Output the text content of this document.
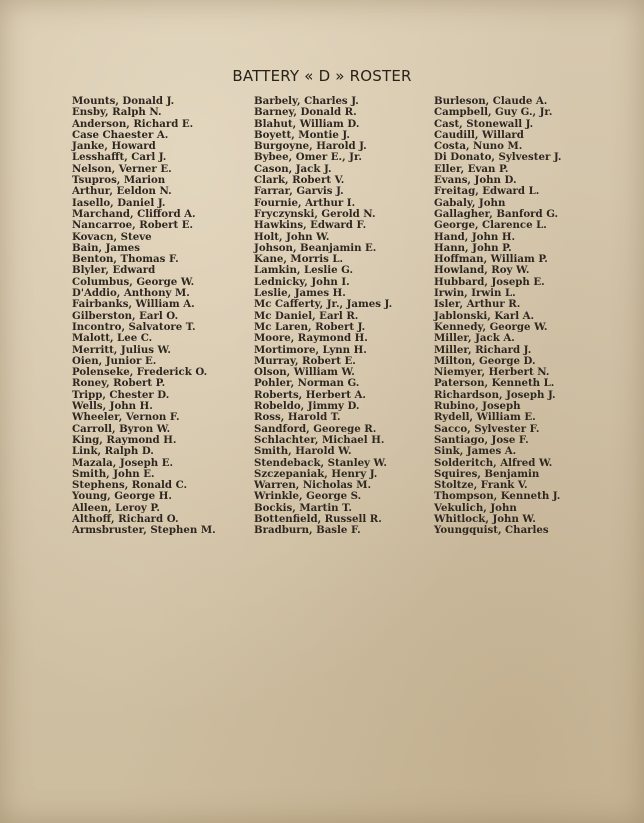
BATTERY « D » ROSTER
Mounts, Donald J.
Ensby, Ralph N.
Anderson, Richard E.
Case Chaester A.
Janke, Howard
Lesshafft, Carl J.
Nelson, Verner E.
Tsupros, Marion
Arthur, Eeldon N.
Iasello, Daniel J.
Marchand, Clifford A.
Nancarroe, Robert E.
Kovacn, Steve
Bain, James
Benton, Thomas F.
Blyler, Edward
Columbus, George W.
D'Addio, Anthony M.
Fairbanks, William A.
Gilberston, Earl O.
Incontro, Salvatore T.
Malott, Lee C.
Merritt, Julius W.
Oien, Junior E.
Polenseke, Frederick O.
Roney, Robert P.
Tripp, Chester D.
Wells, John H.
Wheeler, Vernon F.
Carroll, Byron W.
King, Raymond H.
Link, Ralph D.
Mazala, Joseph E.
Smith, John E.
Stephens, Ronald C.
Young, George H.
Alleen, Leroy P.
Althoff, Richard O.
Armsbruster, Stephen M.
Barbely, Charles J.
Barney, Donald R.
Blahut, William D.
Boyett, Montie J.
Burgoyne, Harold J.
Bybee, Omer E., Jr.
Cason, Jack J.
Clark, Robert V.
Farrar, Garvis J.
Fournie, Arthur I.
Fryczynski, Gerold N.
Hawkins, Edward F.
Holt, John W.
Johson, Beanjamin E.
Kane, Morris L.
Lamkin, Leslie G.
Lednicky, John I.
Leslie, James H.
Mc Cafferty, Jr., James J.
Mc Daniel, Earl R.
Mc Laren, Robert J.
Moore, Raymond H.
Mortimore, Lynn H.
Murray, Robert E.
Olson, William W.
Pohler, Norman G.
Roberts, Herbert A.
Robeldo, Jimmy D.
Ross, Harold T.
Sandford, Georege R.
Schlachter, Michael H.
Smith, Harold W.
Stendeback, Stanley W.
Szczepaniak, Henry J.
Warren, Nicholas M.
Wrinkle, George S.
Bockis, Martin T.
Bottenfield, Russell R.
Bradburn, Basle F.
Burleson, Claude A.
Campbell, Guy G., Jr.
Cast, Stonewall J.
Caudill, Willard
Costa, Nuno M.
Di Donato, Sylvester J.
Eller, Evan P.
Evans, John D.
Freitag, Edward L.
Gabaly, John
Gallagher, Banford G.
George, Clarence L.
Hand, John H.
Hann, John P.
Hoffman, William P.
Howland, Roy W.
Hubbard, Joseph E.
Irwin, Irwin L.
Isler, Arthur R.
Jablonski, Karl A.
Kennedy, George W.
Miller, Jack A.
Miller, Richard J.
Milton, George D.
Niemyer, Herbert N.
Paterson, Kenneth L.
Richardson, Joseph J.
Rubino, Joseph
Rydell, William E.
Sacco, Sylvester F.
Santiago, Jose F.
Sink, James A.
Solderitch, Alfred W.
Squires, Benjamin
Stoltze, Frank V.
Thompson, Kenneth J.
Vekulich, John
Whitlock, John W.
Youngquist, Charles
